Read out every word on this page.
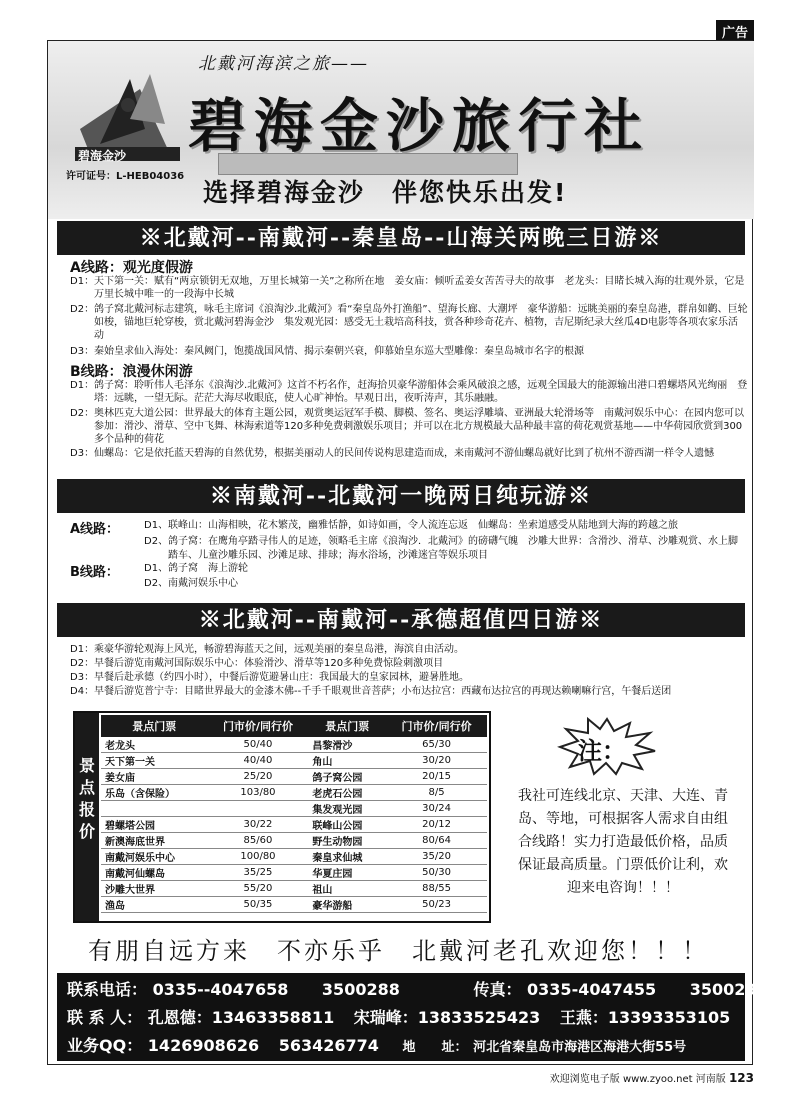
广告
碧海金沙
许可证号：L-HEB04036
北戴河海滨之旅——
碧海金沙旅行社
选择碧海金沙　伴您快乐出发!
※北戴河--南戴河--秦皇岛--山海关两晚三日游※
A线路：观光度假游
D1：天下第一关：赋有“两京锁钥无双地，万里长城第一关”之称所在地　姜女庙：倾听孟姜女苦苦寻夫的故事　老龙头：目睹长城入海的壮观外景，它是万里长城中唯一的一段海中长城
D2：鸽子窝北戴河标志建筑，咏毛主席词《浪淘沙.北戴河》看“秦皇岛外打渔船”、望海长廊、大潮坪　豪华游船：远眺美丽的秦皇岛港，群帛如鹳、巨轮如梭，锚地巨轮穿梭，赏北戴河碧海金沙　集发观光园：感受无土栽培高科技，赏各种珍奇花卉、植物，吉尼斯纪录大丝瓜4D电影等各项农家乐活动
D3：秦始皇求仙入海处：秦风阙门，饱揽战国风情、揭示秦朝兴衰，仰慕始皇东巡大型雕像：秦皇岛城市名字的根源
B线路：浪漫休闲游
D1：鸽子窝：聆听伟人毛泽东《浪淘沙.北戴河》这首不朽名作，赶海拾贝豪华游船体会乘风破浪之感，远观全国最大的能源输出港口碧螺塔风光绚丽　登塔：远眺，一望无际。茫茫大海尽收眼底，使人心旷神怡。早观日出，夜听涛声，其乐融融。
D2：奥林匹克大道公园：世界最大的体育主题公园，观赏奥运冠军手模、脚模、签名、奥运浮雕墙、亚洲最大轮滑场等　南戴河娱乐中心：在园内您可以参加：滑沙、滑草、空中飞舞、林海索道等120多种免费刺激娱乐项目；并可以在北方规模最大品种最丰富的荷花观赏基地——中华荷园欣赏到300多个品种的荷花
D3：仙螺岛：它是依托蓝天碧海的自然优势，根据美丽动人的民间传说构思建造而成，来南戴河不游仙螺岛就好比到了杭州不游西湖一样令人遗憾
※南戴河--北戴河一晚两日纯玩游※
A线路： D1、联峰山：山海相映，花木繁茂，幽雅恬静，如诗如画，令人流连忘返　仙螺岛：坐索道感受从陆地到大海的跨越之旅
D2、鸽子窝：在鹰角亭踏寻伟人的足迹，领略毛主席《浪淘沙．北戴河》的磅礴气魄　沙雕大世界：含滑沙、滑草、沙雕观赏、水上脚踏车、儿童沙雕乐园、沙滩足球、排球；海水浴场，沙滩迷宫等娱乐项目
B线路：	D1、鸽子窝　海上游轮
D2、南戴河娱乐中心
※北戴河--南戴河--承德超值四日游※
D1：乘豪华游轮观海上风光，畅游碧海蓝天之间，远观美丽的秦皇岛港，海滨自由活动。
D2：早餐后游览南戴河国际娱乐中心：体验滑沙、滑草等120多种免费惊险刺激项目
D3：早餐后赴承德（约四小时），中餐后游览避暑山庄：我国最大的皇家园林，避暑胜地。
D4：早餐后游览普宁寺：目睹世界最大的金漆木佛--千手千眼观世音菩萨；小布达拉宫：西藏布达拉宫的再现达赖喇嘛行宫，午餐后送团
景
点
报
价
景点门票	门市价/同行价	景点门票	门市价/同行价
老龙头	50/40	昌黎滑沙	65/30
天下第一关	40/40	角山	30/20
姜女庙	25/20	鸽子窝公园	20/15
乐岛（含保险）	103/80	老虎石公园	8/5
		集发观光园	30/24
碧螺塔公园	30/22	联峰山公园	20/12
新澳海底世界	85/60	野生动物园	80/64
南戴河娱乐中心	100/80	秦皇求仙城	35/20
南戴河仙螺岛	35/25	华夏庄园	50/30
沙雕大世界	55/20	祖山	88/55
渔岛	50/35	豪华游船	50/23
注：
我社可连线北京、天津、大连、青岛、等地，可根据客人需求自由组合线路！实力打造最低价格，品质保证最高质量。门票低价让利，欢迎来电咨询！！！
有朋自远方来　不亦乐乎　北戴河老孔欢迎您！！！
联系电话： 0335--4047658 3500288	传真： 0335-4047455 3500299
联 系 人： 孔恩德：13463358811 宋瑞峰：13833525423 王燕：13393353105
业务QQ： 1426908626 563426774 地　　址： 河北省秦皇岛市海港区海港大街55号
欢迎浏览电子版 www.zyoo.net 河南版 123
